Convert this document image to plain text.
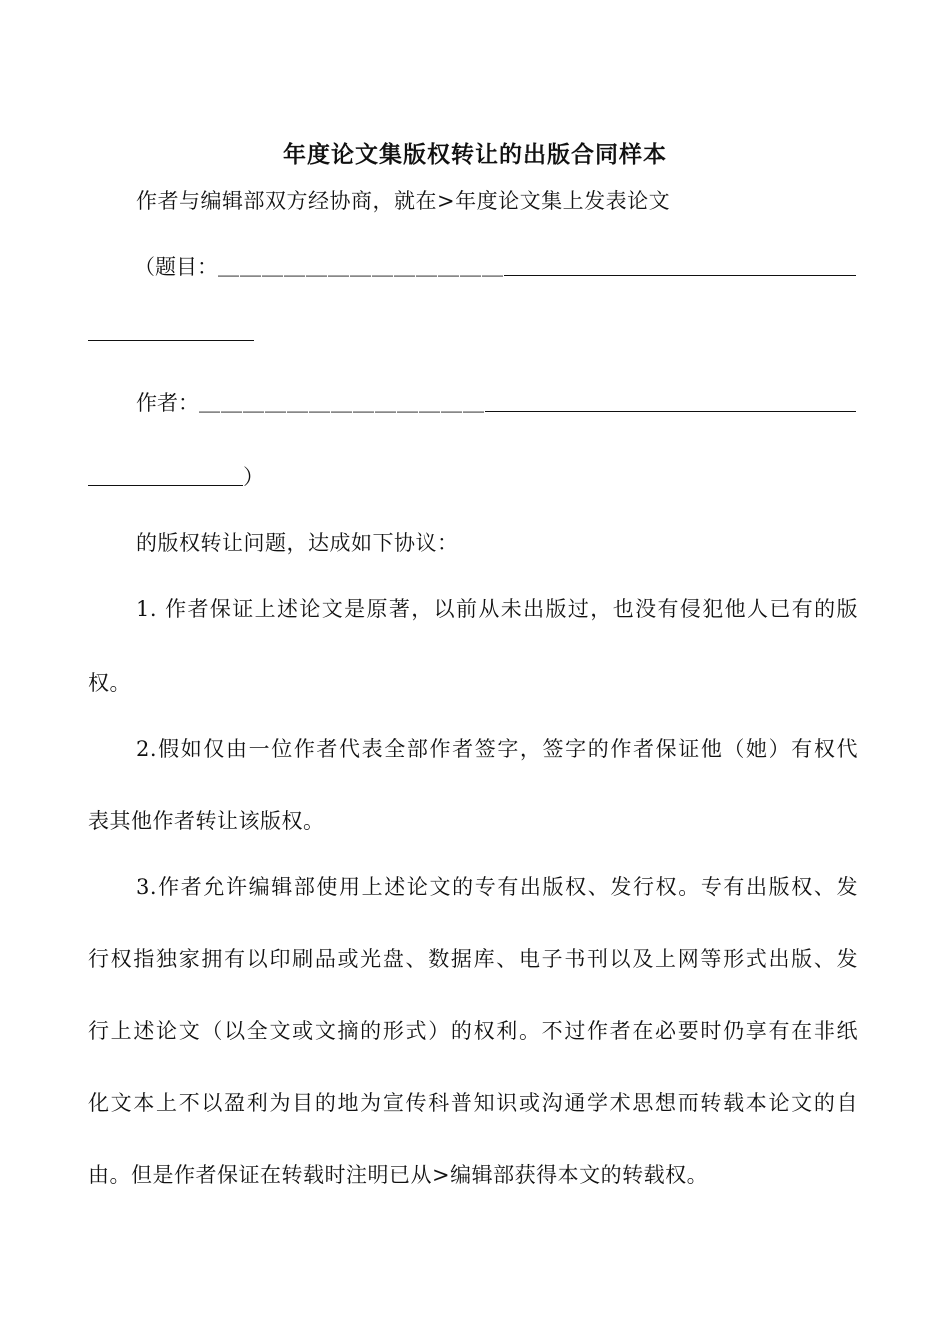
年度论文集版权转让的出版合同样本
作者与编辑部双方经协商，就在>年度论文集上发表论文
（题目： ＿＿＿＿＿＿＿＿＿＿＿＿＿
作者： ＿＿＿＿＿＿＿＿＿＿＿＿＿
）
的版权转让问题，达成如下协议：
1. 作者保证上述论文是原著，以前从未出版过，也没有侵犯他人已有的版
权。
2.假如仅由一位作者代表全部作者签字，签字的作者保证他（她）有权代
表其他作者转让该版权。
3.作者允许编辑部使用上述论文的专有出版权、发行权。专有出版权、发
行权指独家拥有以印刷品或光盘、数据库、电子书刊以及上网等形式出版、发
行上述论文（以全文或文摘的形式）的权利。不过作者在必要时仍享有在非纸
化文本上不以盈利为目的地为宣传科普知识或沟通学术思想而转载本论文的自
由。但是作者保证在转载时注明已从>编辑部获得本文的转载权。
